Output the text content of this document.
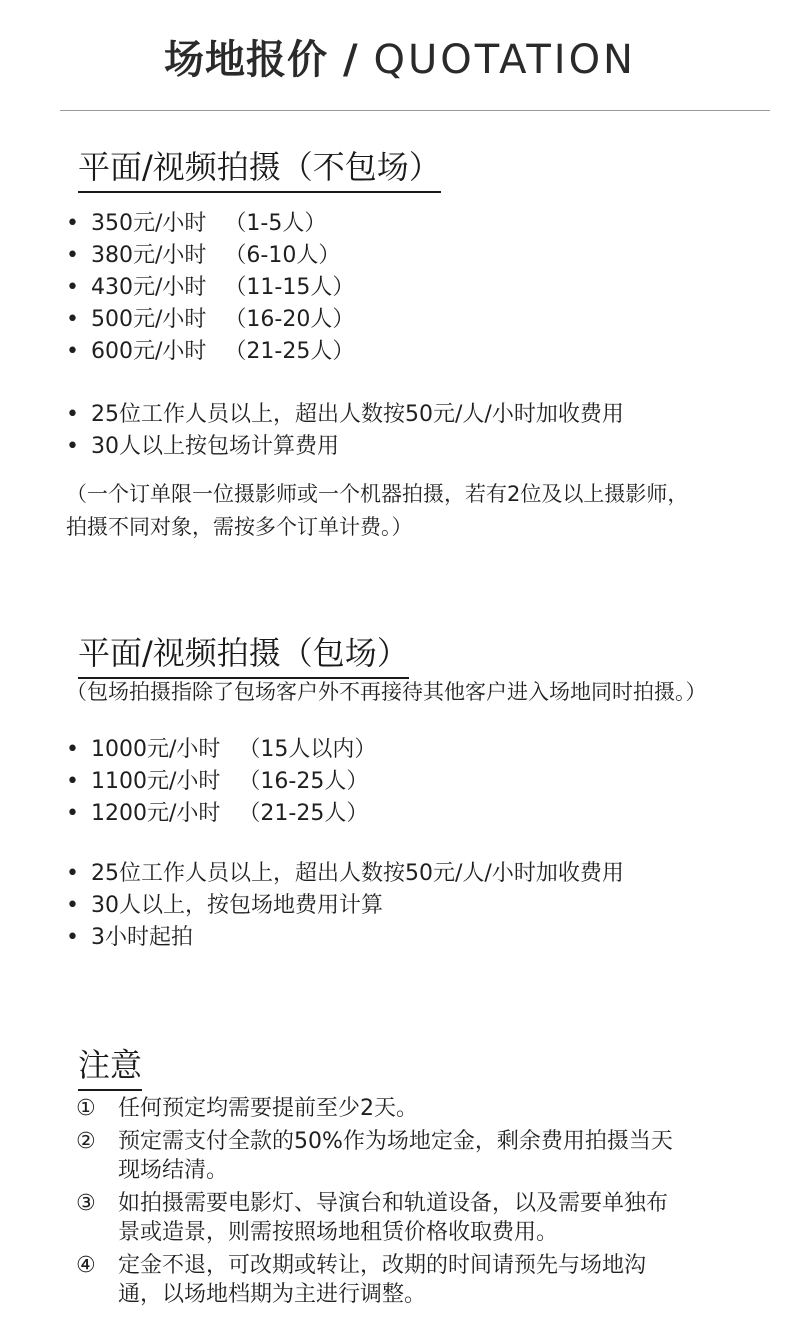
场地报价 / QUOTATION
平面/视频拍摄（不包场）
• 350元/小时 （1-5人）
• 380元/小时 （6-10人）
• 430元/小时 （11-15人）
• 500元/小时 （16-20人）
• 600元/小时 （21-25人）
• 25位工作人员以上，超出人数按50元/人/小时加收费用
• 30人以上按包场计算费用
（一个订单限一位摄影师或一个机器拍摄，若有2位及以上摄影师，
拍摄不同对象，需按多个订单计费。）
平面/视频拍摄（包场）
（包场拍摄指除了包场客户外不再接待其他客户进入场地同时拍摄。）
• 1000元/小时 （15人以内）
• 1100元/小时 （16-25人）
• 1200元/小时 （21-25人）
• 25位工作人员以上，超出人数按50元/人/小时加收费用
• 30人以上，按包场地费用计算
• 3小时起拍
注意
① 任何预定均需要提前至少2天。
② 预定需支付全款的50%作为场地定金，剩余费用拍摄当天
现场结清。
③ 如拍摄需要电影灯、导演台和轨道设备，以及需要单独布
景或造景，则需按照场地租赁价格收取费用。
④ 定金不退，可改期或转让，改期的时间请预先与场地沟
通，以场地档期为主进行调整。
